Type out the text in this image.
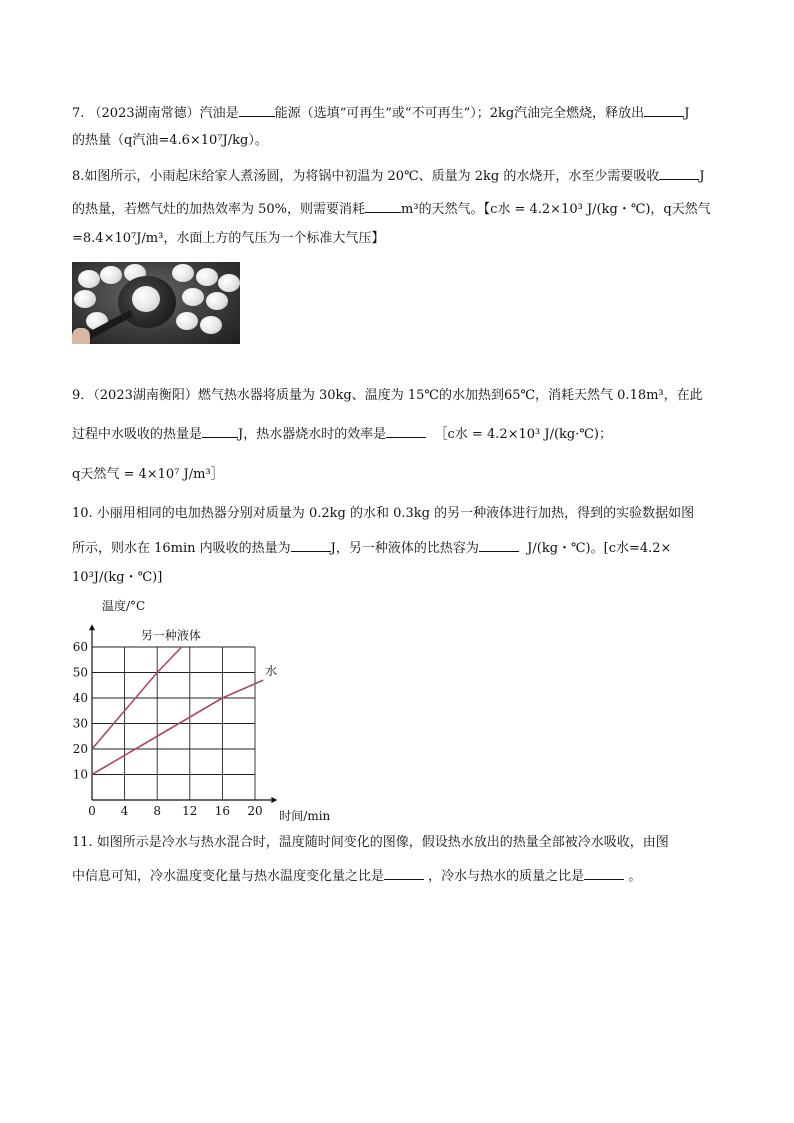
7. （2023湖南常德）汽油是	能源（选填“可再生”或“不可再生”）；2kg汽油完全燃烧，释放出	J
的热量（q汽油=4.6×10⁷J/kg）。
8.如图所示，小雨起床给家人煮汤圆，为将锅中初温为 20℃、质量为 2kg 的水烧开，水至少需要吸收	J
的热量，若燃气灶的加热效率为 50%，则需要消耗	m³的天然气。【c水 = 4.2×10³ J/(kg・℃)，q天然气
=8.4×10⁷J/m³，水面上方的气压为一个标准大气压】
9．（2023湖南衡阳）燃气热水器将质量为 30kg、温度为 15℃的水加热到65℃，消耗天然气 0.18m³，在此
过程中水吸收的热量是	J，热水器烧水时的效率是	［c水 = 4.2×10³ J/(kg·℃)；
q天然气 = 4×10⁷ J/m³］
10. 小丽用相同的电加热器分别对质量为 0.2kg 的水和 0.3kg 的另一种液体进行加热，得到的实验数据如图
所示，则水在 16min 内吸收的热量为	J，另一种液体的比热容为	J/(kg・℃)。[c水=4.2×
10³J/(kg・℃)]
10
20
30
40
50
60
0 4 8 12 16 20
温度/°C
时间/min
另一种液体
水
11. 如图所示是冷水与热水混合时，温度随时间变化的图像，假设热水放出的热量全部被冷水吸收，由图
中信息可知，冷水温度变化量与热水温度变化量之比是	，冷水与热水的质量之比是	。
